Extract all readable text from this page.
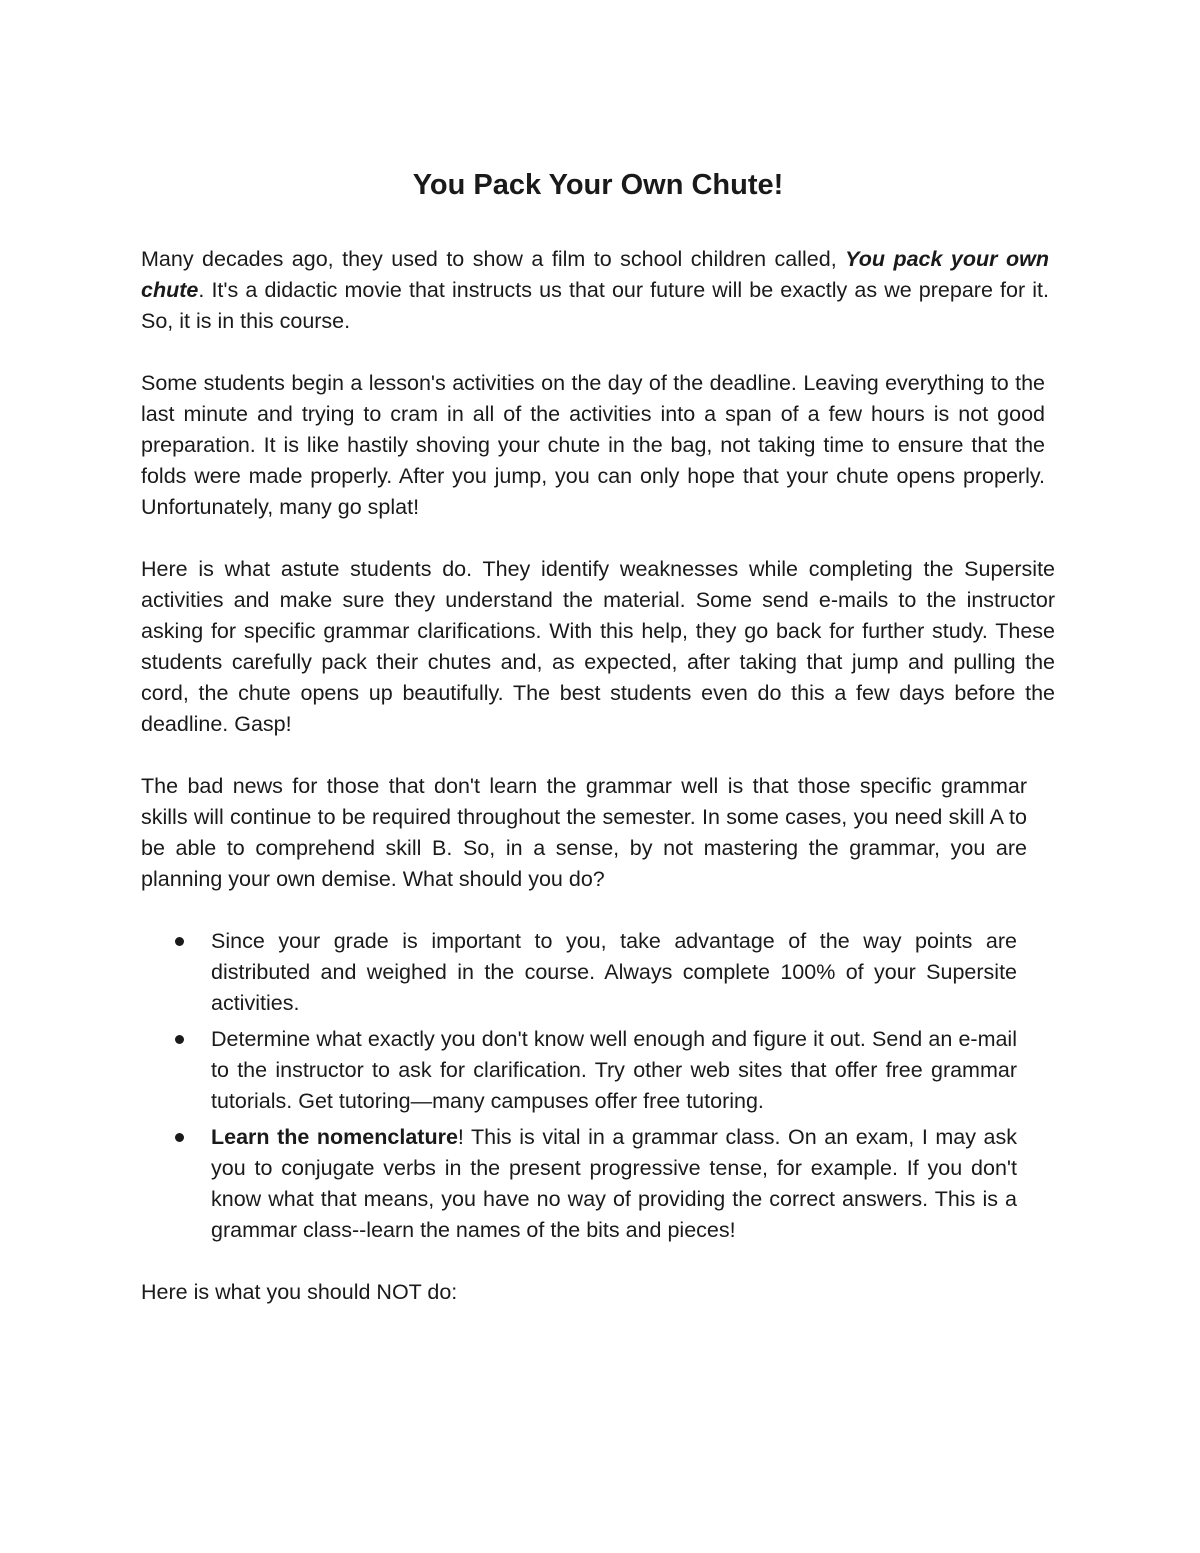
You Pack Your Own Chute!

Many decades ago, they used to show a film to school children called, You pack your own chute. It's a didactic movie that instructs us that our future will be exactly as we prepare for it. So, it is in this course.

Some students begin a lesson's activities on the day of the deadline. Leaving everything to the last minute and trying to cram in all of the activities into a span of a few hours is not good preparation. It is like hastily shoving your chute in the bag, not taking time to ensure that the folds were made properly. After you jump, you can only hope that your chute opens properly. Unfortunately, many go splat!

Here is what astute students do. They identify weaknesses while completing the Supersite activities and make sure they understand the material. Some send e-mails to the instructor asking for specific grammar clarifications. With this help, they go back for further study. These students carefully pack their chutes and, as expected, after taking that jump and pulling the cord, the chute opens up beautifully. The best students even do this a few days before the deadline. Gasp!

The bad news for those that don't learn the grammar well is that those specific grammar skills will continue to be required throughout the semester. In some cases, you need skill A to be able to comprehend skill B. So, in a sense, by not mastering the grammar, you are planning your own demise. What should you do?

Since your grade is important to you, take advantage of the way points are distributed and weighed in the course. Always complete 100% of your Supersite activities.
Determine what exactly you don't know well enough and figure it out. Send an e-mail to the instructor to ask for clarification. Try other web sites that offer free grammar tutorials. Get tutoring—many campuses offer free tutoring.
Learn the nomenclature! This is vital in a grammar class. On an exam, I may ask you to conjugate verbs in the present progressive tense, for example. If you don't know what that means, you have no way of providing the correct answers. This is a grammar class--learn the names of the bits and pieces!

Here is what you should NOT do:
